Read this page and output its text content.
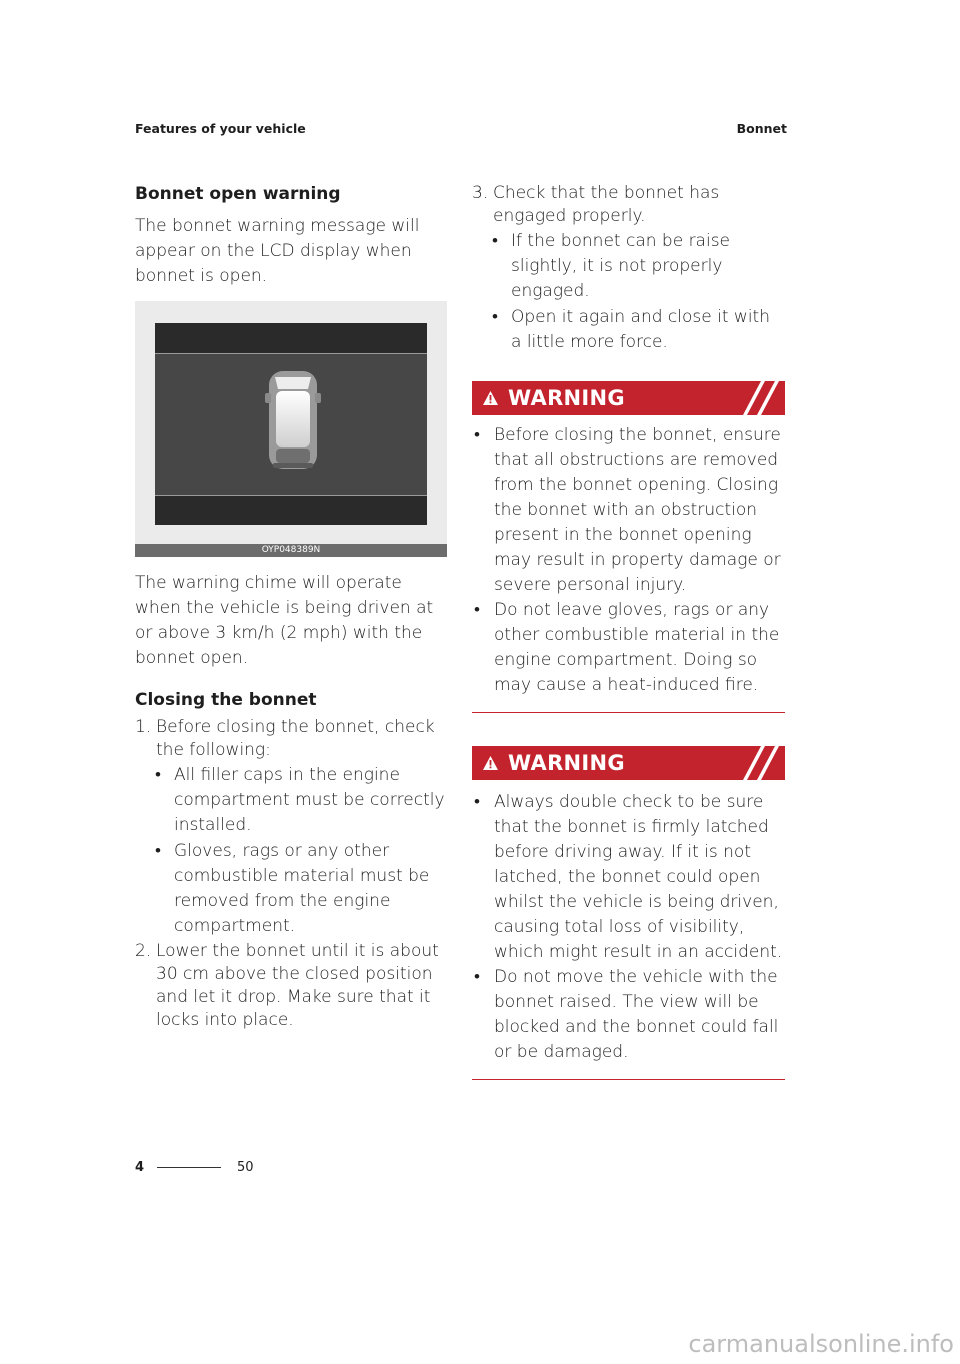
Features of your vehicle	Bonnet
Bonnet open warning

The bonnet warning message will appear on the LCD display when bonnet is open.

OYP048389N

The warning chime will operate when the vehicle is being driven at or above 3 km/h (2 mph) with the bonnet open.

Closing the bonnet
1. Before closing the bonnet, check the following:
• All filler caps in the engine compartment must be correctly installed.
• Gloves, rags or any other combustible material must be removed from the engine compartment.
2. Lower the bonnet until it is about 30 cm above the closed position and let it drop. Make sure that it locks into place.
3. Check that the bonnet has engaged properly.
• If the bonnet can be raise slightly, it is not properly engaged.
• Open it again and close it with a little more force.
WARNING
• Before closing the bonnet, ensure that all obstructions are removed from the bonnet opening. Closing the bonnet with an obstruction present in the bonnet opening may result in property damage or severe personal injury.
• Do not leave gloves, rags or any other combustible material in the engine compartment. Doing so may cause a heat-induced fire.
WARNING
• Always double check to be sure that the bonnet is firmly latched before driving away. If it is not latched, the bonnet could open whilst the vehicle is being driven, causing total loss of visibility, which might result in an accident.
• Do not move the vehicle with the bonnet raised. The view will be blocked and the bonnet could fall or be damaged.
4	50
carmanualsonline.info
